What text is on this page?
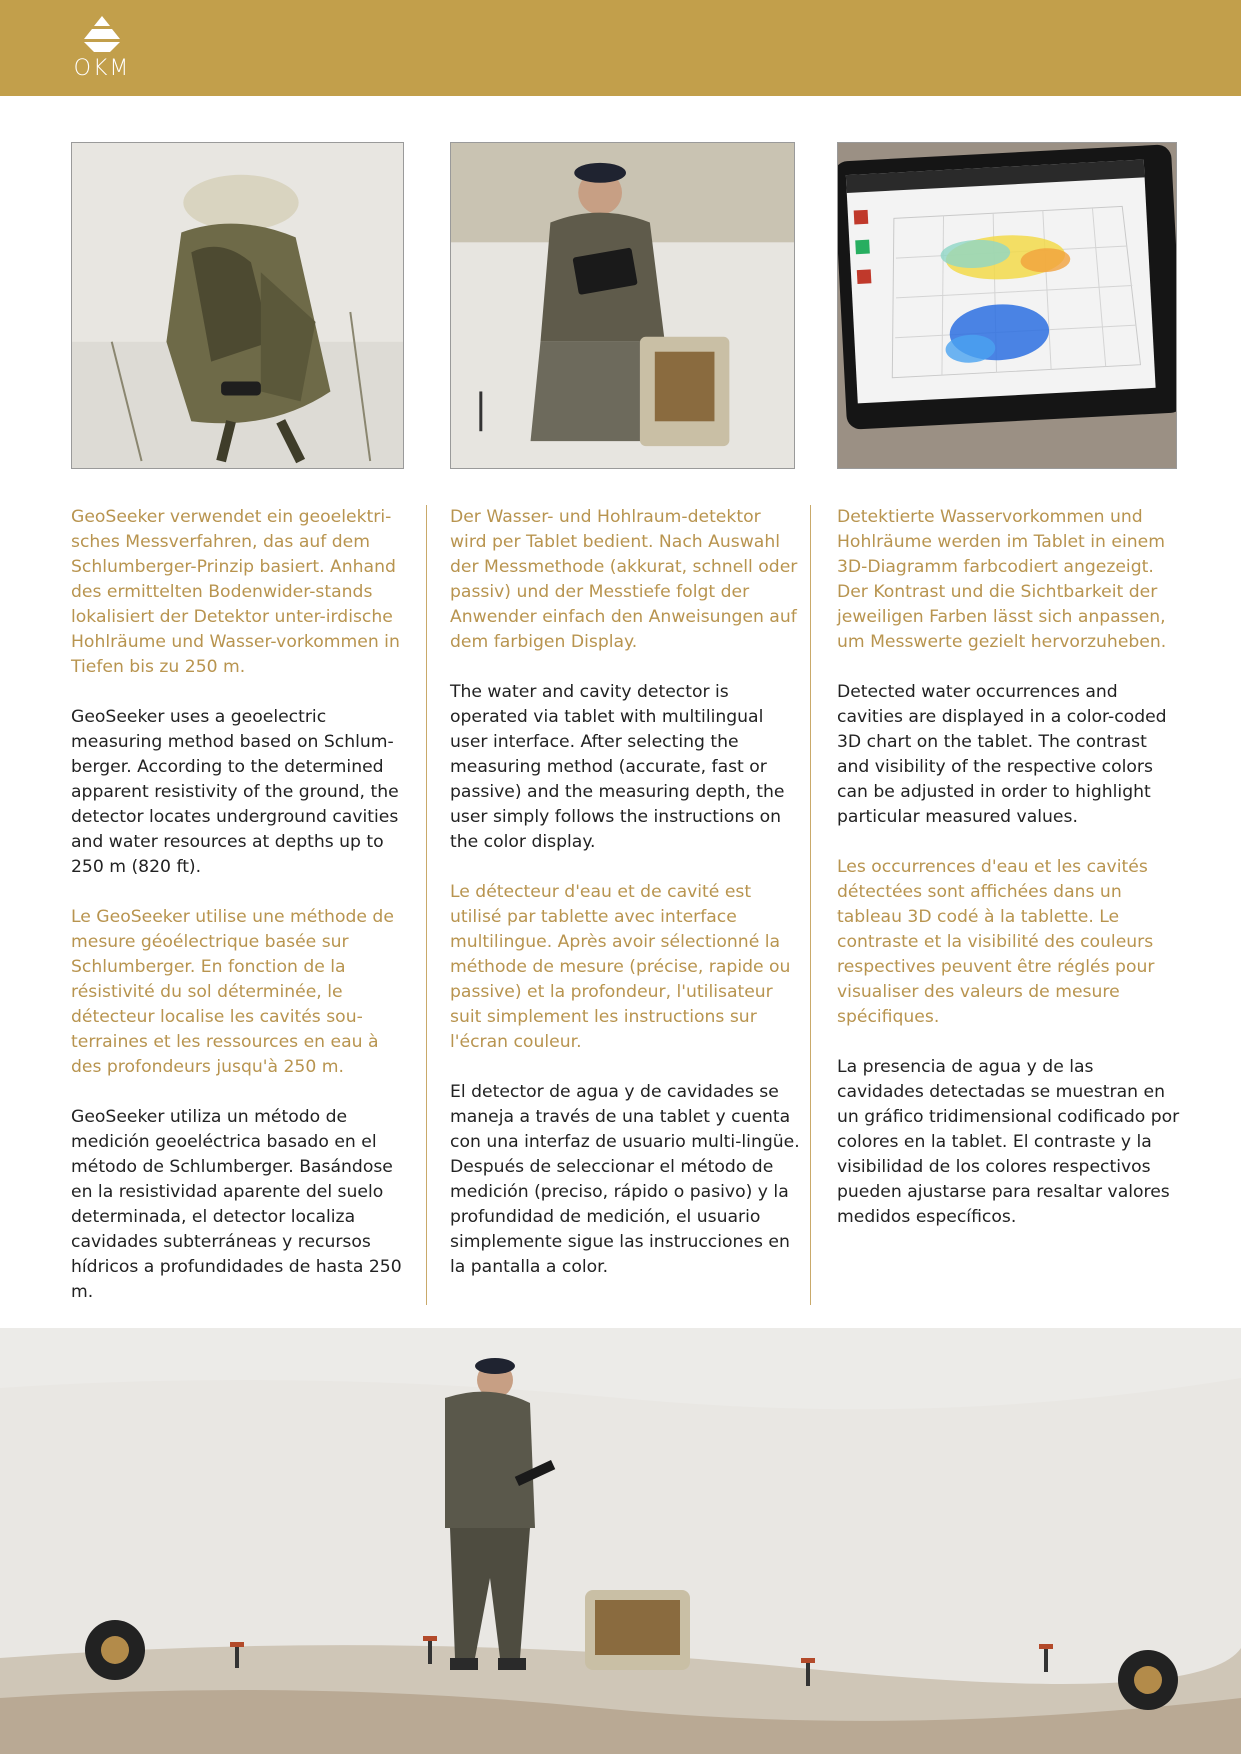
OKM

GeoSeeker verwendet ein geoelektri-sches Messverfahren, das auf dem Schlumberger-Prinzip basiert. Anhand des ermittelten Bodenwider-stands lokalisiert der Detektor unter-irdische Hohlräume und Wasser-vorkommen in Tiefen bis zu 250 m.

GeoSeeker uses a geoelectric measuring method based on Schlum-berger. According to the determined apparent resistivity of the ground, the detector locates underground cavities and water resources at depths up to 250 m (820 ft).

Le GeoSeeker utilise une méthode de mesure géoélectrique basée sur Schlumberger. En fonction de la résistivité du sol déterminée, le détecteur localise les cavités sou-terraines et les ressources en eau à des profondeurs jusqu'à 250 m.

GeoSeeker utiliza un método de medición geoeléctrica basado en el método de Schlumberger. Basándose en la resistividad aparente del suelo determinada, el detector localiza cavidades subterráneas y recursos hídricos a profundidades de hasta 250 m.

Der Wasser- und Hohlraum-detektor wird per Tablet bedient. Nach Auswahl der Messmethode (akkurat, schnell oder passiv) und der Messtiefe folgt der Anwender einfach den Anweisungen auf dem farbigen Display.

The water and cavity detector is operated via tablet with multilingual user interface. After selecting the measuring method (accurate, fast or passive) and the measuring depth, the user simply follows the instructions on the color display.

Le détecteur d'eau et de cavité est utilisé par tablette avec interface multilingue. Après avoir sélectionné la méthode de mesure (précise, rapide ou passive) et la profondeur, l'utilisateur suit simplement les instructions sur l'écran couleur.

El detector de agua y de cavidades se maneja a través de una tablet y cuenta con una interfaz de usuario multi-lingüe. Después de seleccionar el método de medición (preciso, rápido o pasivo) y la profundidad de medición, el usuario simplemente sigue las instrucciones en la pantalla a color.

Detektierte Wasservorkommen und Hohlräume werden im Tablet in einem 3D-Diagramm farbcodiert angezeigt. Der Kontrast und die Sichtbarkeit der jeweiligen Farben lässt sich anpassen, um Messwerte gezielt hervorzuheben.

Detected water occurrences and cavities are displayed in a color-coded 3D chart on the tablet. The contrast and visibility of the respective colors can be adjusted in order to highlight particular measured values.

Les occurrences d'eau et les cavités détectées sont affichées dans un tableau 3D codé à la tablette. Le contraste et la visibilité des couleurs respectives peuvent être réglés pour visualiser des valeurs de mesure spécifiques.

La presencia de agua y de las cavidades detectadas se muestran en un gráfico tridimensional codificado por colores en la tablet. El contraste y la visibilidad de los colores respectivos pueden ajustarse para resaltar valores medidos específicos.
